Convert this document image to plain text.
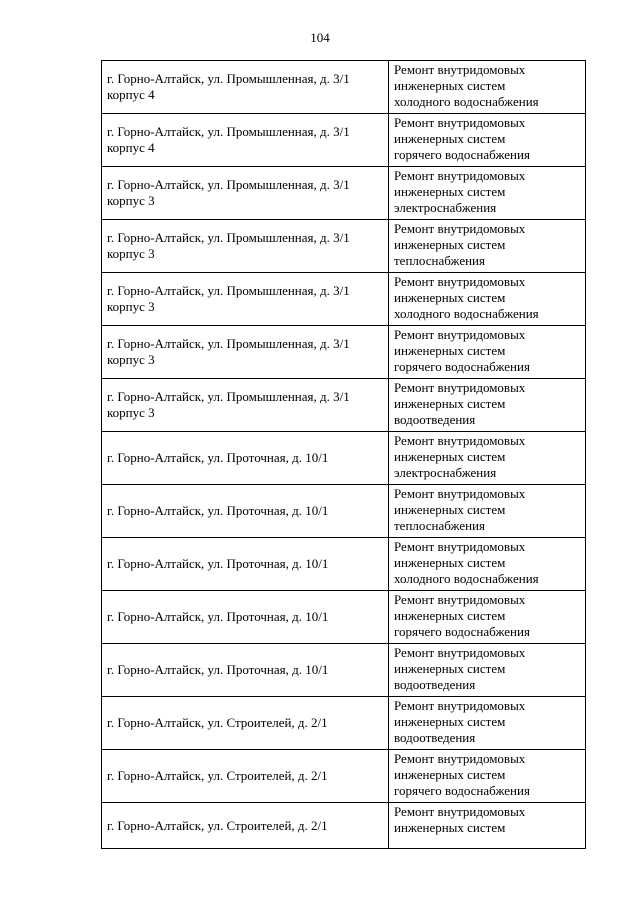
104
г. Горно-Алтайск, ул. Промышленная, д. 3/1 корпус 4	Ремонт внутридомовых
инженерных систем
холодного водоснабжения

г. Горно-Алтайск, ул. Промышленная, д. 3/1 корпус 4	Ремонт внутридомовых
инженерных систем
горячего водоснабжения

г. Горно-Алтайск, ул. Промышленная, д. 3/1 корпус 3	Ремонт внутридомовых
инженерных систем
электроснабжения

г. Горно-Алтайск, ул. Промышленная, д. 3/1 корпус 3	Ремонт внутридомовых
инженерных систем
теплоснабжения

г. Горно-Алтайск, ул. Промышленная, д. 3/1 корпус 3	Ремонт внутридомовых
инженерных систем
холодного водоснабжения

г. Горно-Алтайск, ул. Промышленная, д. 3/1 корпус 3	Ремонт внутридомовых
инженерных систем
горячего водоснабжения

г. Горно-Алтайск, ул. Промышленная, д. 3/1 корпус 3	Ремонт внутридомовых
инженерных систем
водоотведения

г. Горно-Алтайск, ул. Проточная, д. 10/1	Ремонт внутридомовых
инженерных систем
электроснабжения

г. Горно-Алтайск, ул. Проточная, д. 10/1	Ремонт внутридомовых
инженерных систем
теплоснабжения

г. Горно-Алтайск, ул. Проточная, д. 10/1	Ремонт внутридомовых
инженерных систем
холодного водоснабжения

г. Горно-Алтайск, ул. Проточная, д. 10/1	Ремонт внутридомовых
инженерных систем
горячего водоснабжения

г. Горно-Алтайск, ул. Проточная, д. 10/1	Ремонт внутридомовых
инженерных систем
водоотведения

г. Горно-Алтайск, ул. Строителей, д. 2/1	Ремонт внутридомовых
инженерных систем
водоотведения

г. Горно-Алтайск, ул. Строителей, д. 2/1	Ремонт внутридомовых
инженерных систем
горячего водоснабжения

г. Горно-Алтайск, ул. Строителей, д. 2/1	Ремонт внутридомовых
инженерных систем
